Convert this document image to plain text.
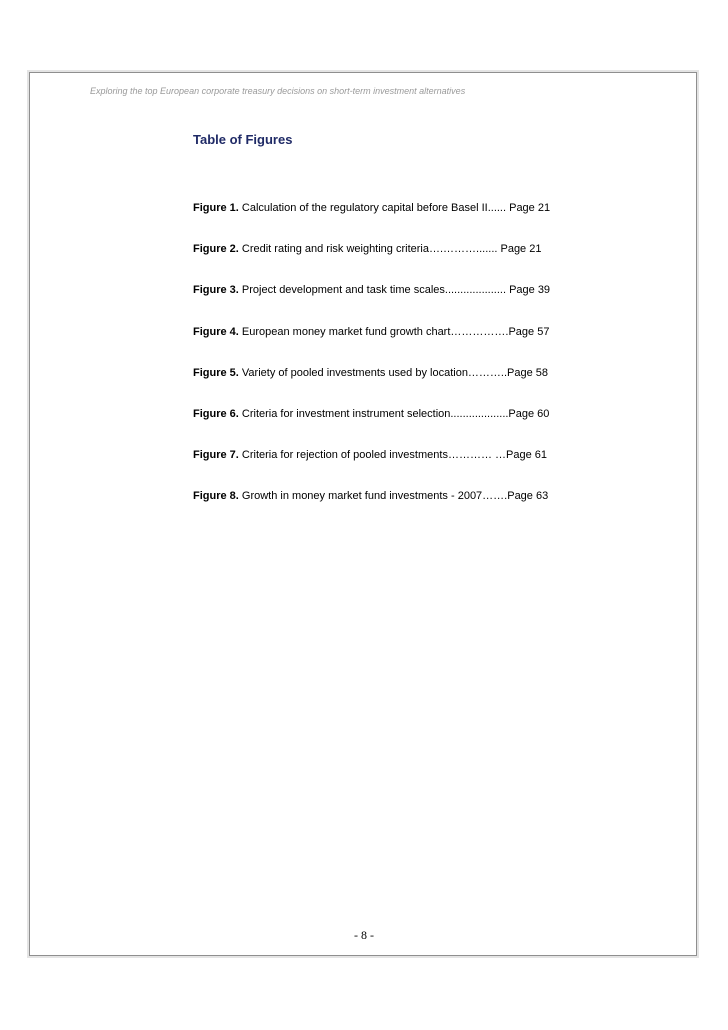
Exploring the top European corporate treasury decisions on short-term investment alternatives
Table of Figures
Figure 1. Calculation of the regulatory capital before Basel II...... Page 21
Figure 2. Credit rating and risk weighting criteria….………....... Page 21
Figure 3. Project development and task time scales.................... Page 39
Figure 4. European money market fund growth chart…………….Page 57
Figure 5. Variety of pooled investments used by location………..Page 58
Figure 6. Criteria for investment instrument selection...................Page 60
Figure 7. Criteria for rejection of pooled investments………… …Page 61
Figure 8. Growth in money market fund investments - 2007…….Page 63
- 8 -
